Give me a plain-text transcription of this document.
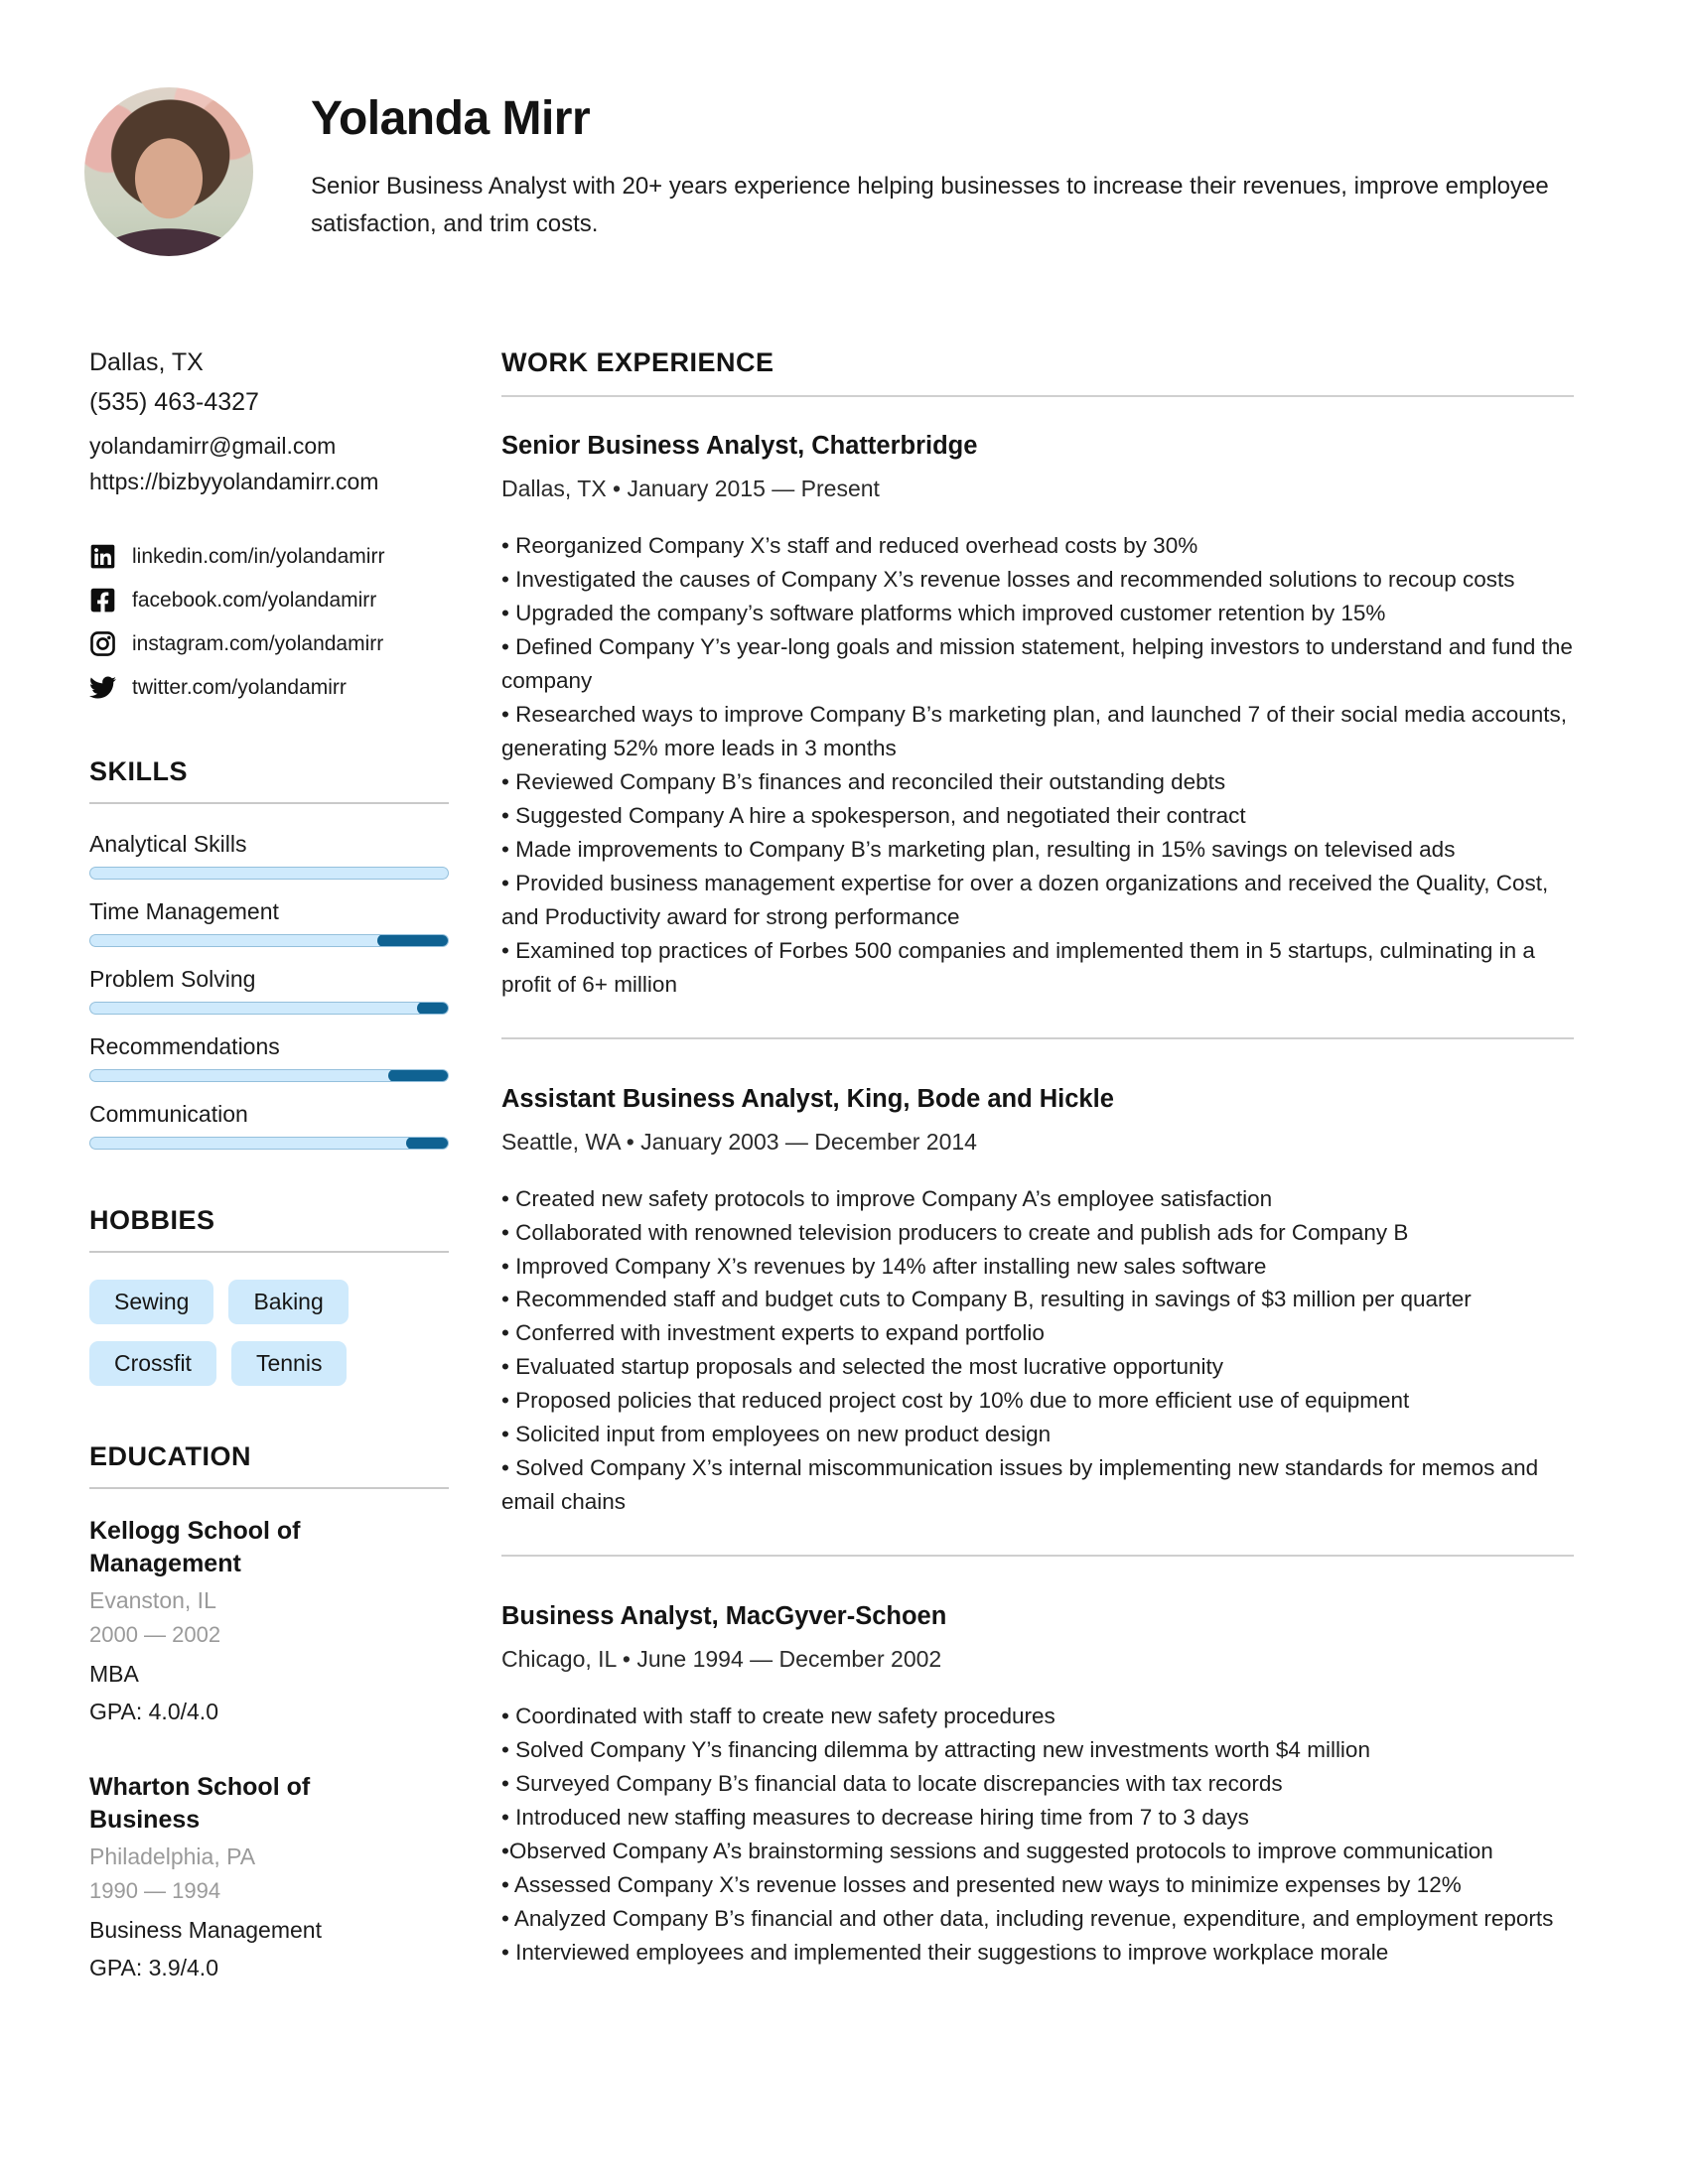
Yolanda Mirr

Senior Business Analyst with 20+ years experience helping businesses to increase their revenues, improve employee satisfaction, and trim costs.

Dallas, TX
(535) 463-4327
yolandamirr@gmail.com
https://bizbyyolandamirr.com
linkedin.com/in/yolandamirr
facebook.com/yolandamirr
instagram.com/yolandamirr
twitter.com/yolandamirr
SKILLS
Analytical Skills
Time Management
Problem Solving
Recommendations
Communication
HOBBIES
Sewing	Baking
Crossfit	Tennis
EDUCATION
Kellogg School of Management
Evanston, IL
2000 — 2002
MBA
GPA: 4.0/4.0
Wharton School of Business
Philadelphia, PA
1990 — 1994
Business Management
GPA: 3.9/4.0
WORK EXPERIENCE
Senior Business Analyst, Chatterbridge
Dallas, TX • January 2015 — Present

• Reorganized Company X’s staff and reduced overhead costs by 30%

• Investigated the causes of Company X’s revenue losses and recommended solutions to recoup costs

• Upgraded the company’s software platforms which improved customer retention by 15%

• Defined Company Y’s year-long goals and mission statement, helping investors to understand and fund the company

• Researched ways to improve Company B’s marketing plan, and launched 7 of their social media accounts, generating 52% more leads in 3 months

• Reviewed Company B’s finances and reconciled their outstanding debts

• Suggested Company A hire a spokesperson, and negotiated their contract

• Made improvements to Company B’s marketing plan, resulting in 15% savings on televised ads

• Provided business management expertise for over a dozen organizations and received the Quality, Cost, and Productivity award for strong performance

• Examined top practices of Forbes 500 companies and implemented them in 5 startups, culminating in a profit of 6+ million

Assistant Business Analyst, King, Bode and Hickle
Seattle, WA • January 2003 — December 2014

• Created new safety protocols to improve Company A’s employee satisfaction

• Collaborated with renowned television producers to create and publish ads for Company B

• Improved Company X’s revenues by 14% after installing new sales software

• Recommended staff and budget cuts to Company B, resulting in savings of $3 million per quarter

• Conferred with investment experts to expand portfolio

• Evaluated startup proposals and selected the most lucrative opportunity

• Proposed policies that reduced project cost by 10% due to more efficient use of equipment

• Solicited input from employees on new product design

• Solved Company X’s internal miscommunication issues by implementing new standards for memos and email chains

Business Analyst, MacGyver-Schoen
Chicago, IL • June 1994 — December 2002

• Coordinated with staff to create new safety procedures

• Solved Company Y’s financing dilemma by attracting new investments worth $4 million

• Surveyed Company B’s financial data to locate discrepancies with tax records

• Introduced new staffing measures to decrease hiring time from 7 to 3 days

•Observed Company A’s brainstorming sessions and suggested protocols to improve communication

• Assessed Company X’s revenue losses and presented new ways to minimize expenses by 12%

• Analyzed Company B’s financial and other data, including revenue, expenditure, and employment reports

• Interviewed employees and implemented their suggestions to improve workplace morale
